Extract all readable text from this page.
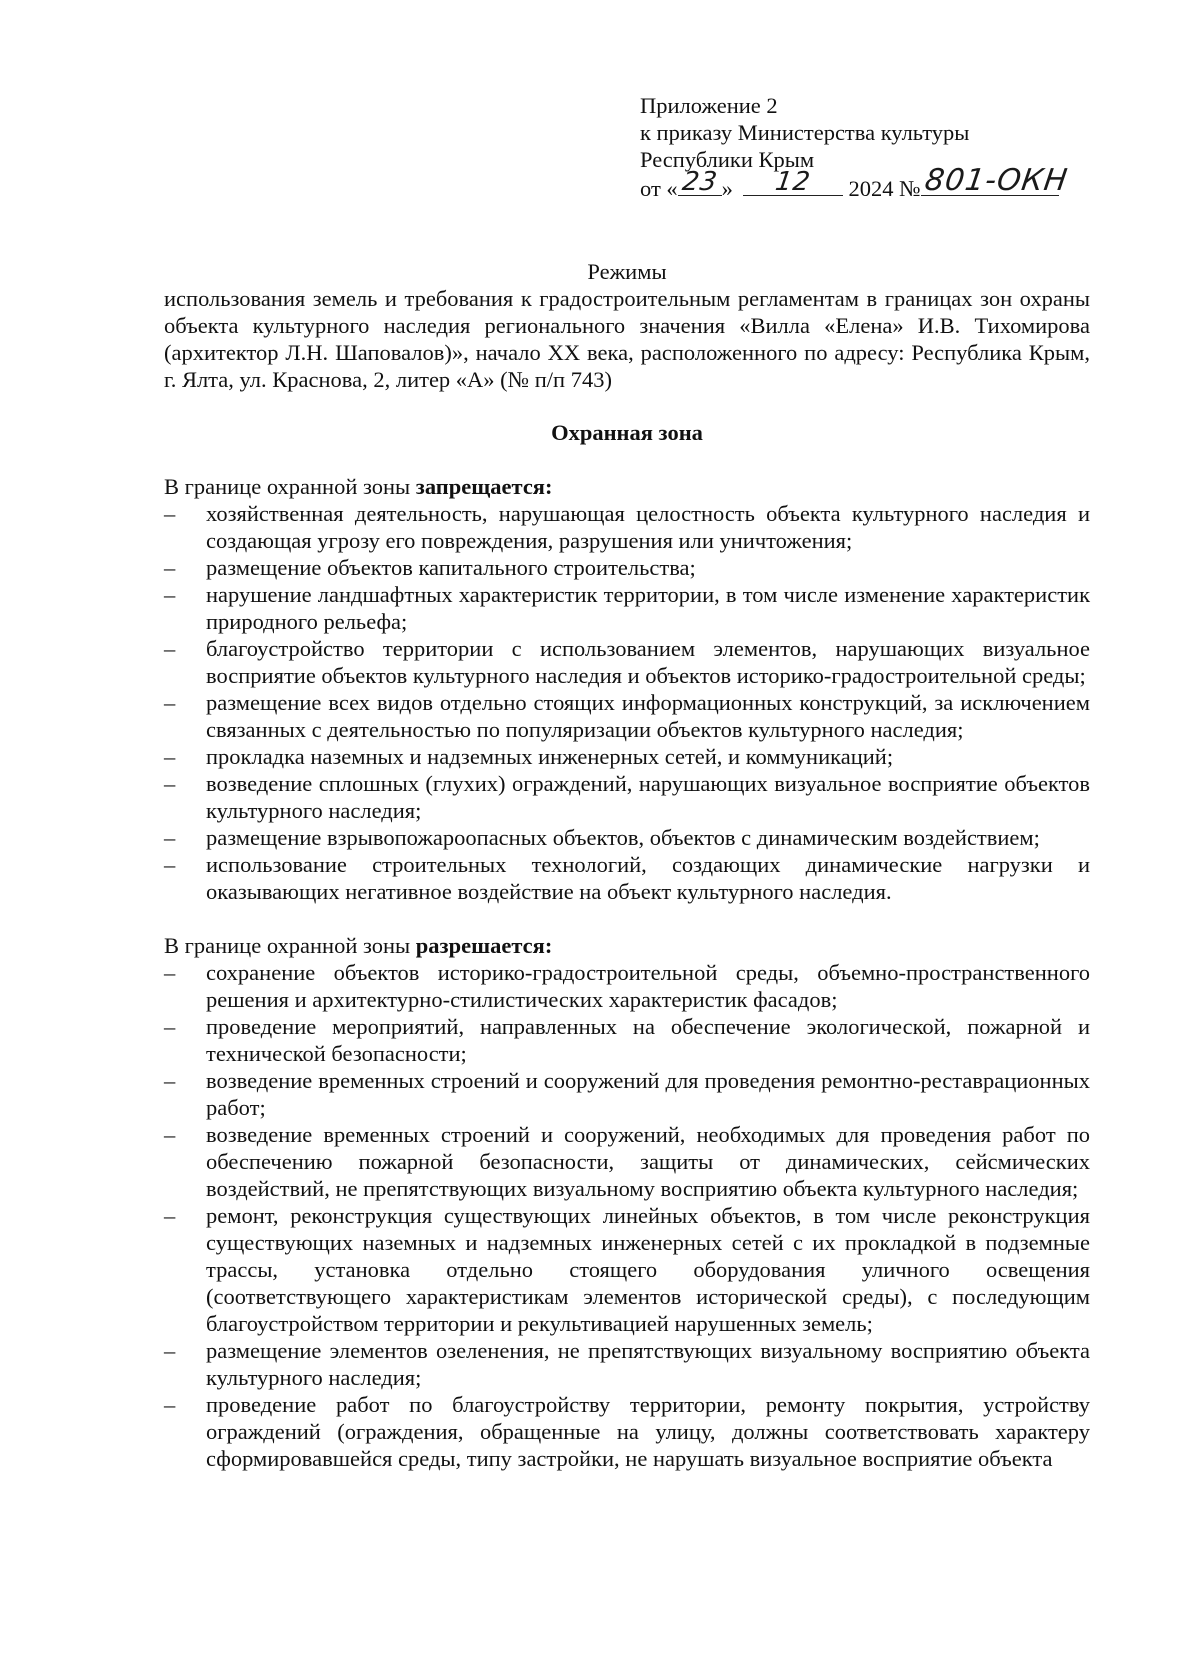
Приложение 2
к приказу Министерства культуры
Республики Крым
от « 23 »	12	2024 № 801-ОКН

Режимы

использования земель и требования к градостроительным регламентам в границах зон охраны объекта культурного наследия регионального значения «Вилла «Елена» И.В. Тихомирова (архитектор Л.Н. Шаповалов)», начало XX века, расположенного по адресу: Республика Крым, г. Ялта, ул. Краснова, 2, литер «А» (№ п/п 743)

Охранная зона

В границе охранной зоны запрещается:

– хозяйственная деятельность, нарушающая целостность объекта культурного наследия и создающая угрозу его повреждения, разрушения или уничтожения;
– размещение объектов капитального строительства;
– нарушение ландшафтных характеристик территории, в том числе изменение характеристик природного рельефа;
– благоустройство территории с использованием элементов, нарушающих визуальное восприятие объектов культурного наследия и объектов историко-градостроительной среды;
– размещение всех видов отдельно стоящих информационных конструкций, за исключением связанных с деятельностью по популяризации объектов культурного наследия;
– прокладка наземных и надземных инженерных сетей, и коммуникаций;
– возведение сплошных (глухих) ограждений, нарушающих визуальное восприятие объектов культурного наследия;
– размещение взрывопожароопасных объектов, объектов с динамическим воздействием;
– использование строительных технологий, создающих динамические нагрузки и оказывающих негативное воздействие на объект культурного наследия.

В границе охранной зоны разрешается:

– сохранение объектов историко-градостроительной среды, объемно-пространственного решения и архитектурно-стилистических характеристик фасадов;
– проведение мероприятий, направленных на обеспечение экологической, пожарной и технической безопасности;
– возведение временных строений и сооружений для проведения ремонтно-реставрационных работ;
– возведение временных строений и сооружений, необходимых для проведения работ по обеспечению пожарной безопасности, защиты от динамических, сейсмических воздействий, не препятствующих визуальному восприятию объекта культурного наследия;
– ремонт, реконструкция существующих линейных объектов, в том числе реконструкция существующих наземных и надземных инженерных сетей с их прокладкой в подземные трассы, установка отдельно стоящего оборудования уличного освещения (соответствующего характеристикам элементов исторической среды), с последующим благоустройством территории и рекультивацией нарушенных земель;
– размещение элементов озеленения, не препятствующих визуальному восприятию объекта культурного наследия;
– проведение работ по благоустройству территории, ремонту покрытия, устройству ограждений (ограждения, обращенные на улицу, должны соответствовать характеру сформировавшейся среды, типу застройки, не нарушать визуальное восприятие объекта
